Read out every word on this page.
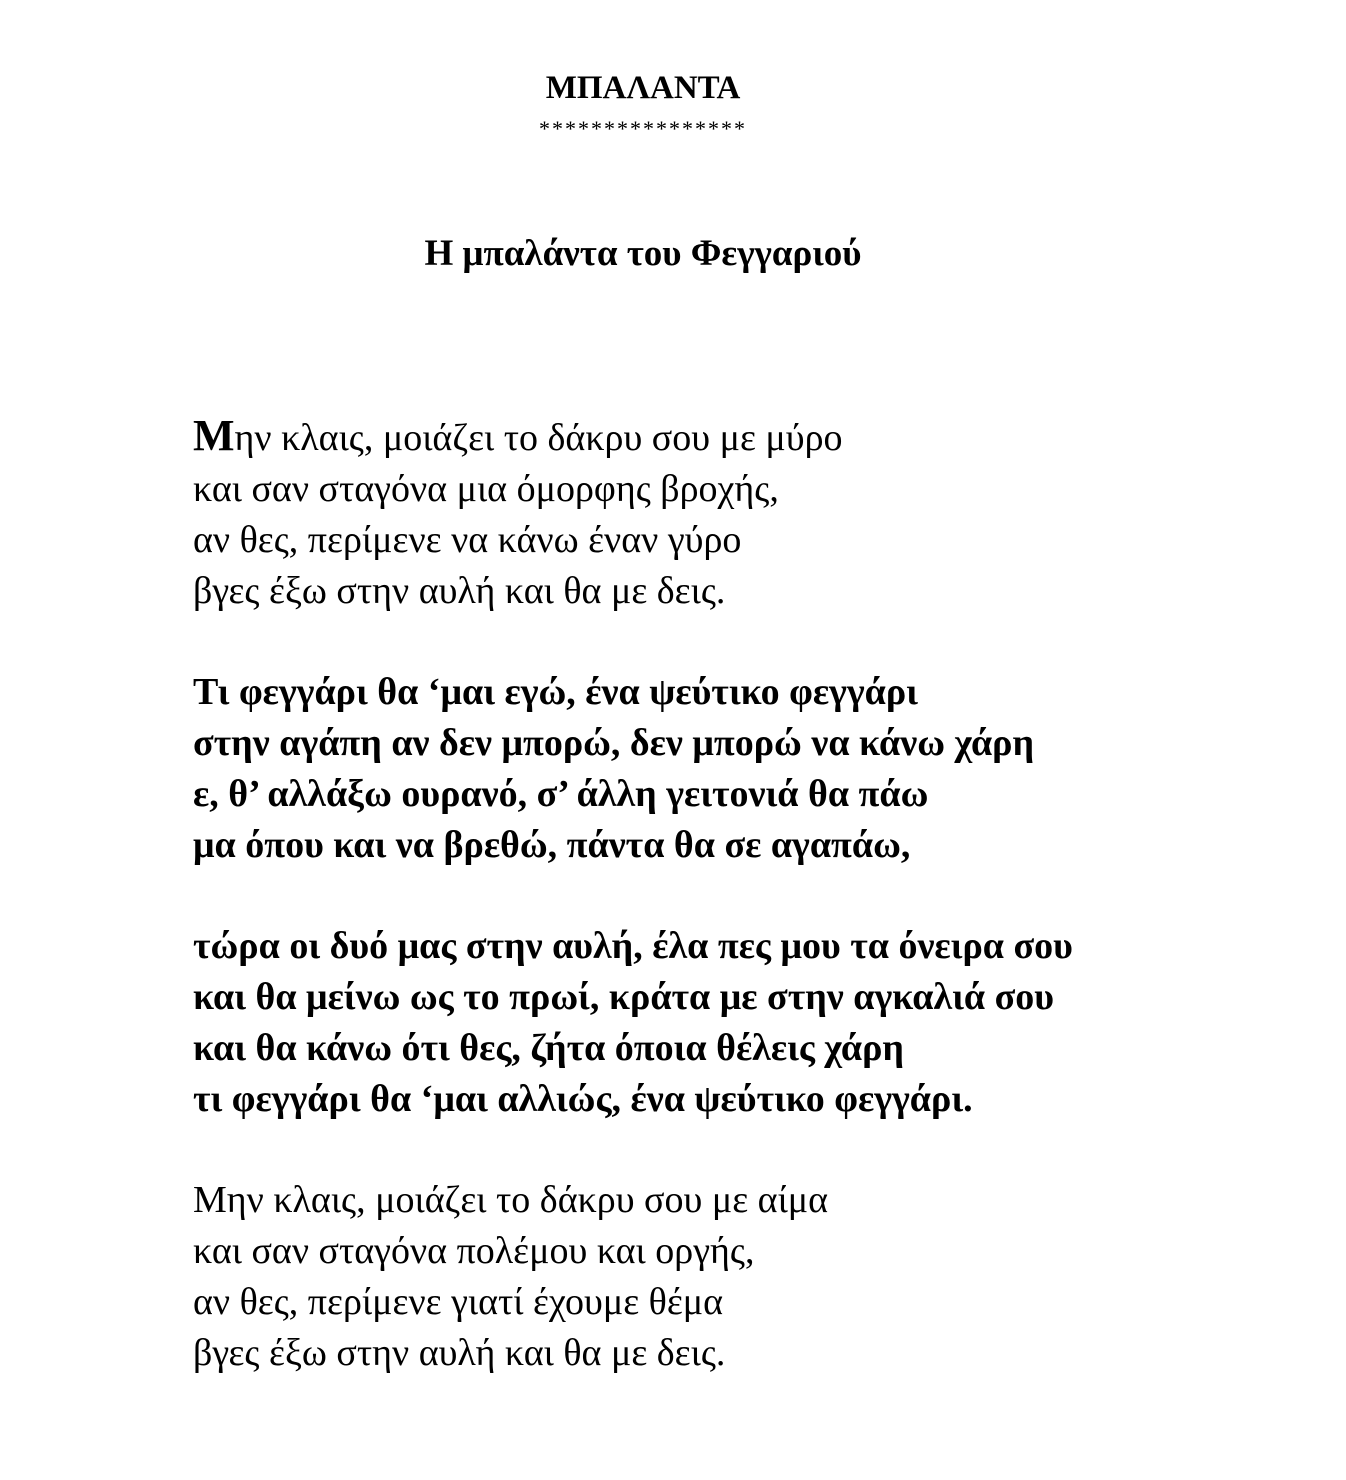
ΜΠΑΛΑΝΤΑ
****************
Η μπαλάντα του Φεγγαριού
Μην κλαις, μοιάζει το δάκρυ σου με μύρο
και σαν σταγόνα μια όμορφης βροχής,
αν θες, περίμενε να κάνω έναν γύρο
βγες έξω στην αυλή και θα με δεις.
Τι φεγγάρι θα ‘μαι εγώ, ένα ψεύτικο φεγγάρι
στην αγάπη αν δεν μπορώ, δεν μπορώ να κάνω χάρη
ε, θ’ αλλάξω ουρανό, σ’ άλλη γειτονιά θα πάω
μα όπου και να βρεθώ, πάντα θα σε αγαπάω,
τώρα οι δυό μας στην αυλή, έλα πες μου τα όνειρα σου
και θα μείνω ως το πρωί, κράτα με στην αγκαλιά σου
και θα κάνω ότι θες, ζήτα όποια θέλεις χάρη
τι φεγγάρι θα ‘μαι αλλιώς, ένα ψεύτικο φεγγάρι.
Μην κλαις, μοιάζει το δάκρυ σου με αίμα
και σαν σταγόνα πολέμου και οργής,
αν θες, περίμενε γιατί έχουμε θέμα
βγες έξω στην αυλή και θα με δεις.
